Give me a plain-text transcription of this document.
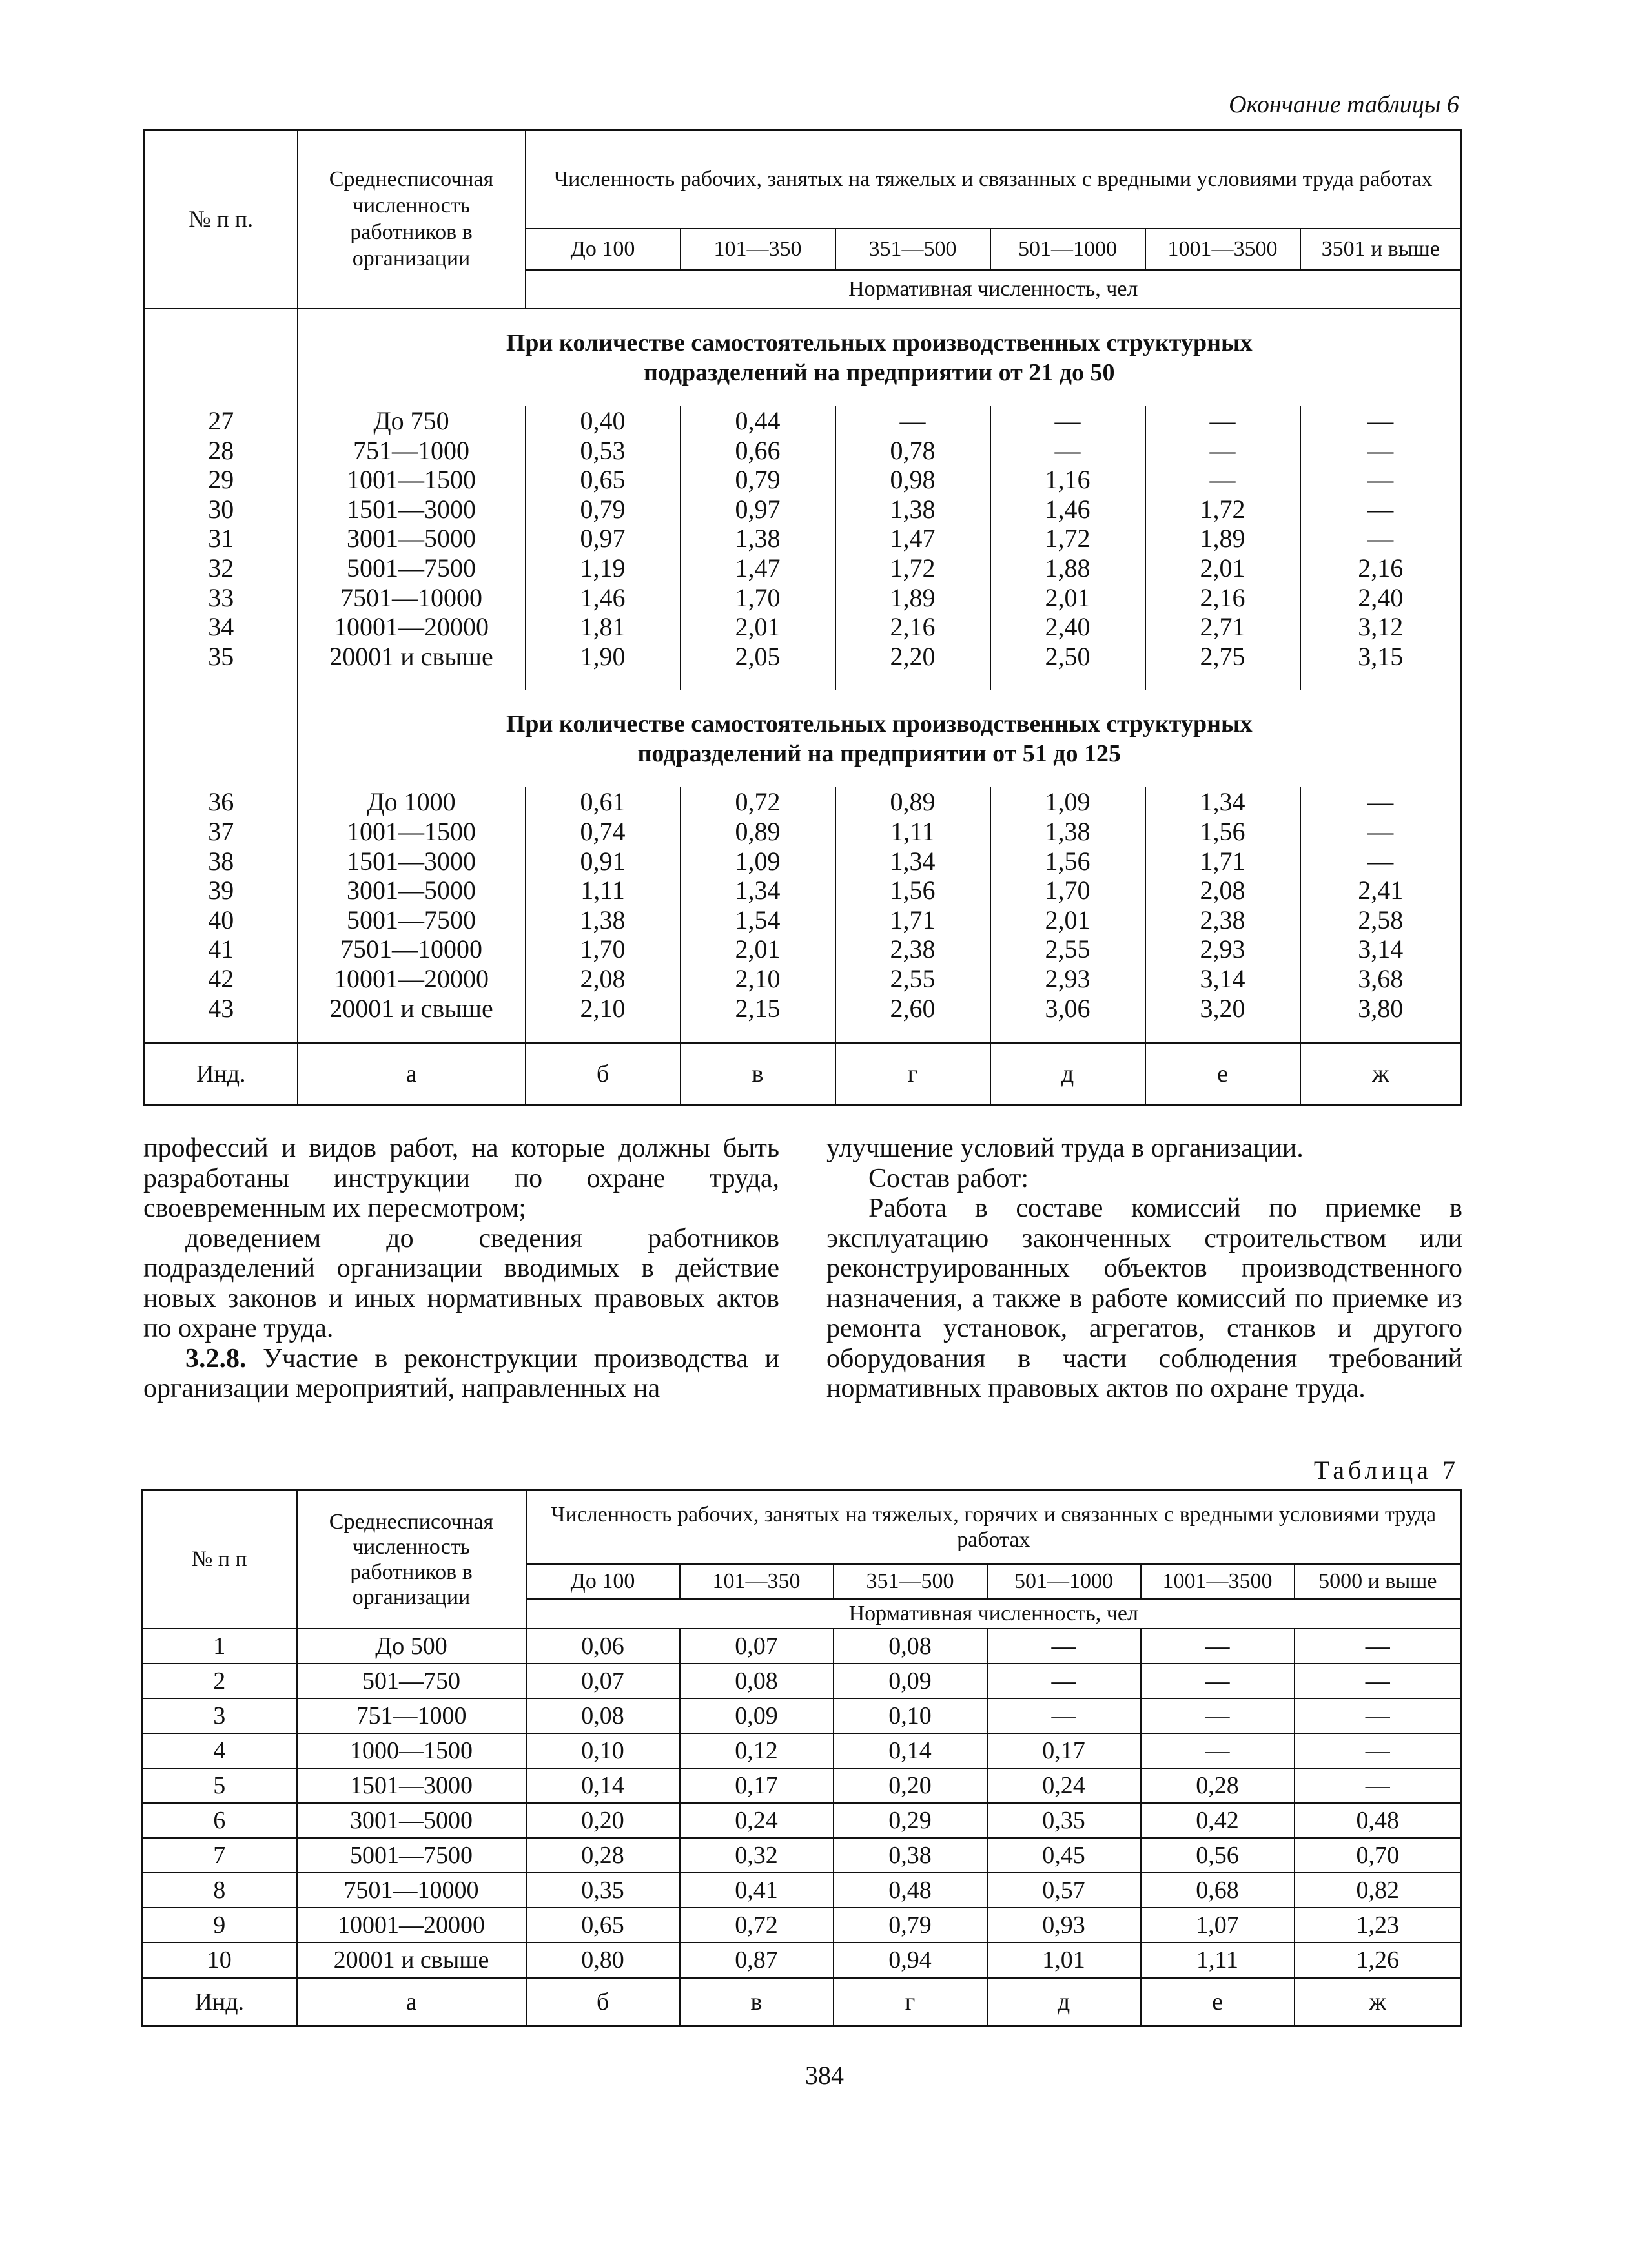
Окончание таблицы 6
№ п п.	Среднесписочная численность работников в организации	Численность рабочих, занятых на тяжелых и связанных с вредными условиями труда работах					
		До 100	101—350	351—500	501—1000	1001—3500	3501 и выше
		Нормативная численность, чел					
	При количестве самостоятельных производственных структурных подразделений на предприятии от 21 до 50						
27	До 750	0,40	0,44	—	—	—	—
28	751—1000	0,53	0,66	0,78	—	—	—
29	1001—1500	0,65	0,79	0,98	1,16	—	—
30	1501—3000	0,79	0,97	1,38	1,46	1,72	—
31	3001—5000	0,97	1,38	1,47	1,72	1,89	—
32	5001—7500	1,19	1,47	1,72	1,88	2,01	2,16
33	7501—10000	1,46	1,70	1,89	2,01	2,16	2,40
34	10001—20000	1,81	2,01	2,16	2,40	2,71	3,12
35	20001 и свыше	1,90	2,05	2,20	2,50	2,75	3,15

	При количестве самостоятельных производственных структурных подразделений на предприятии от 51 до 125						
36	До 1000	0,61	0,72	0,89	1,09	1,34	—
37	1001—1500	0,74	0,89	1,11	1,38	1,56	—
38	1501—3000	0,91	1,09	1,34	1,56	1,71	—
39	3001—5000	1,11	1,34	1,56	1,70	2,08	2,41
40	5001—7500	1,38	1,54	1,71	2,01	2,38	2,58
41	7501—10000	1,70	2,01	2,38	2,55	2,93	3,14
42	10001—20000	2,08	2,10	2,55	2,93	3,14	3,68
43	20001 и свыше	2,10	2,15	2,60	3,06	3,20	3,80

Инд.	а	б	в	г	д	е	ж

профессий и видов работ, на которые должны быть разработаны инструкции по охране труда, своевременным их пересмотром;

доведением до сведения работников подразделений организации вводимых в действие новых законов и иных нормативных правовых актов по охране труда.

3.2.8. Участие в реконструкции производства и организации мероприятий, направленных на

улучшение условий труда в организации.

Состав работ:

Работа в составе комиссий по приемке в эксплуатацию законченных строительством или реконструированных объектов производственного назначения, а также в работе комиссий по приемке из ремонта установок, агрегатов, станков и другого оборудования в части соблюдения требований нормативных правовых актов по охране труда.

Таблица 7
№ п п	Среднесписочная численность работников в организации	Численность рабочих, занятых на тяжелых, горячих и связанных с вредными условиями труда работах					
		До 100	101—350	351—500	501—1000	1001—3500	5000 и выше
		Нормативная численность, чел					
1	До 500	0,06	0,07	0,08	—	—	—
2	501—750	0,07	0,08	0,09	—	—	—
3	751—1000	0,08	0,09	0,10	—	—	—
4	1000—1500	0,10	0,12	0,14	0,17	—	—
5	1501—3000	0,14	0,17	0,20	0,24	0,28	—
6	3001—5000	0,20	0,24	0,29	0,35	0,42	0,48
7	5001—7500	0,28	0,32	0,38	0,45	0,56	0,70
8	7501—10000	0,35	0,41	0,48	0,57	0,68	0,82
9	10001—20000	0,65	0,72	0,79	0,93	1,07	1,23
10	20001 и свыше	0,80	0,87	0,94	1,01	1,11	1,26
Инд.	а	б	в	г	д	е	ж
384
